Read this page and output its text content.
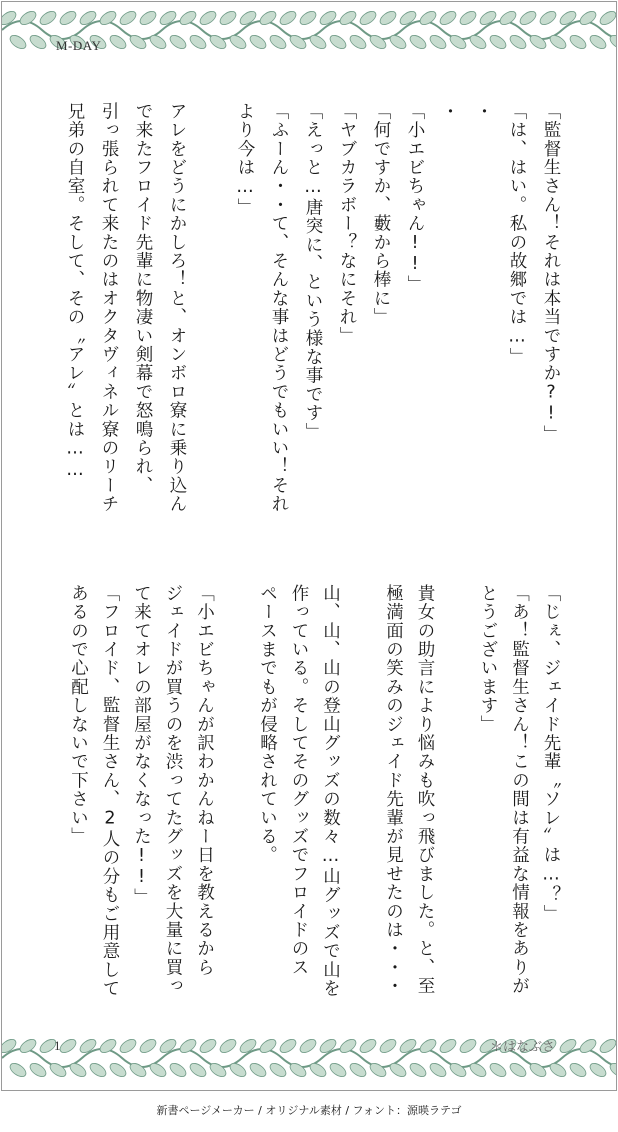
M-DAY
「監督生さん！それは本当ですか?!」
「は、はい。私の故郷では…」
・
・
「小エビちゃん!!」
「何ですか、藪から棒に」
「ヤブカラボー？なにそれ」
「えっと…唐突に、という様な事です」
「ふーん・・て、そんな事はどうでもいい！それ
より今は…」
アレをどうにかしろ！と、オンボロ寮に乗り込ん
で来たフロイド先輩に物凄い剣幕で怒鳴られ、
引っ張られて来たのはオクタヴィネル寮のリーチ
兄弟の自室。そして、その〝アレ〟とは……
「じぇ、ジェイド先輩〝ソレ〟は…？」
「あ！監督生さん！この間は有益な情報をありが
とうございます」
貴女の助言により悩みも吹っ飛びました。と、至
極満面の笑みのジェイド先輩が見せたのは・・・
山、山、山の登山グッズの数々…山グッズで山を
作っている。そしてそのグッズでフロイドのス
ペースまでもが侵略されている。
「小エビちゃんが訳わかんねー日を教えるから
ジェイドが買うのを渋ってたグッズを大量に買っ
て来てオレの部屋がなくなった!!」
「フロイド、監督生さん、2人の分もご用意して
あるので心配しないで下さい」
1	＊はなぶさ
新書ページメーカー / オリジナル素材 / フォント：源暎ラテゴ
